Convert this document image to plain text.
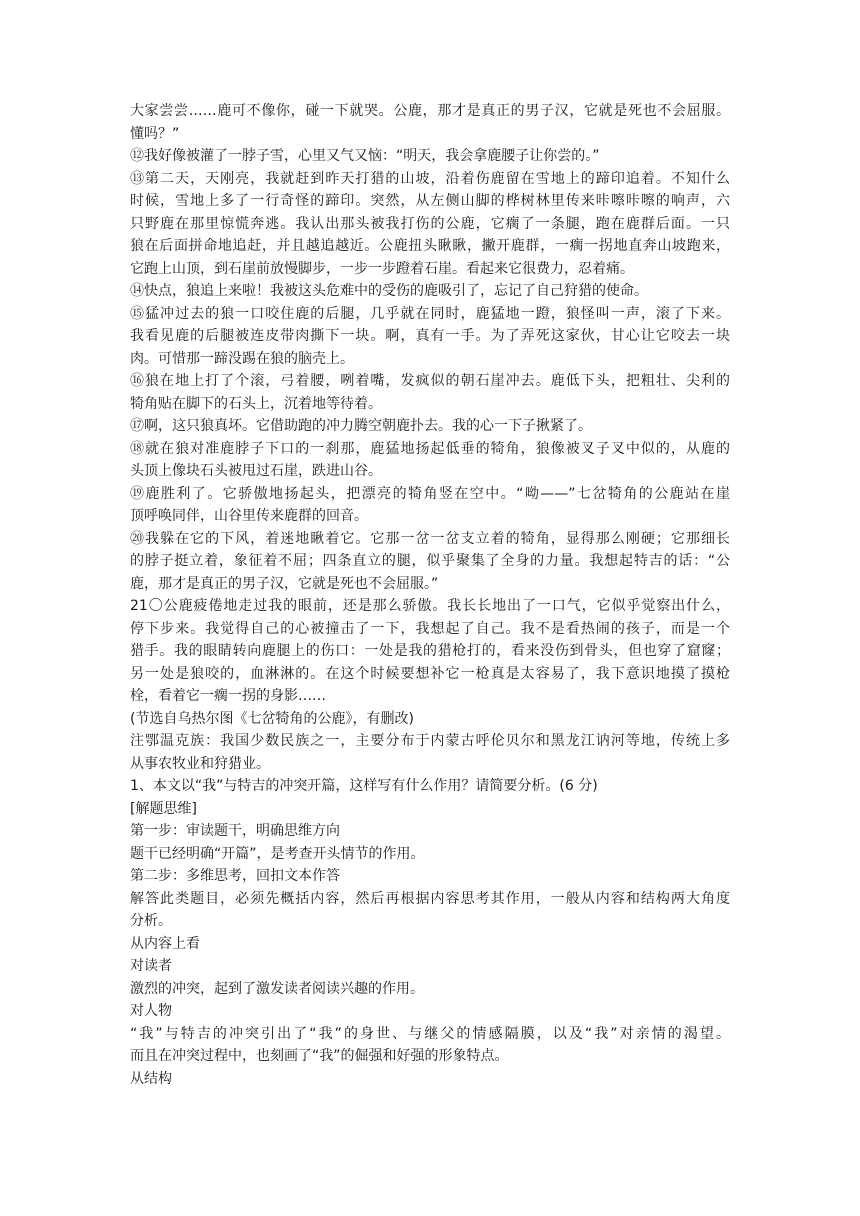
大家尝尝……鹿可不像你，碰一下就哭。公鹿，那才是真正的男子汉，它就是死也不会屈服。
懂吗？”
⑫我好像被灌了一脖子雪，心里又气又恼：“明天，我会拿鹿腰子让你尝的。”
⑬第二天，天刚亮，我就赶到昨天打猎的山坡，沿着伤鹿留在雪地上的蹄印追着。不知什么
时候，雪地上多了一行奇怪的蹄印。突然，从左侧山脚的桦树林里传来咔嚓咔嚓的响声，六
只野鹿在那里惊慌奔逃。我认出那头被我打伤的公鹿，它瘸了一条腿，跑在鹿群后面。一只
狼在后面拼命地追赶，并且越追越近。公鹿扭头瞅瞅，撇开鹿群，一瘸一拐地直奔山坡跑来，
它跑上山顶，到石崖前放慢脚步，一步一步蹬着石崖。看起来它很费力，忍着痛。
⑭快点，狼追上来啦！我被这头危难中的受伤的鹿吸引了，忘记了自己狩猎的使命。
⑮猛冲过去的狼一口咬住鹿的后腿，几乎就在同时，鹿猛地一蹬，狼怪叫一声，滚了下来。
我看见鹿的后腿被连皮带肉撕下一块。啊，真有一手。为了弄死这家伙，甘心让它咬去一块
肉。可惜那一蹄没踢在狼的脑壳上。
⑯狼在地上打了个滚，弓着腰，咧着嘴，发疯似的朝石崖冲去。鹿低下头，把粗壮、尖利的
犄角贴在脚下的石头上，沉着地等待着。
⑰啊，这只狼真坏。它借助跑的冲力腾空朝鹿扑去。我的心一下子揪紧了。
⑱就在狼对准鹿脖子下口的一刹那，鹿猛地扬起低垂的犄角，狼像被叉子叉中似的，从鹿的
头顶上像块石头被甩过石崖，跌进山谷。
⑲鹿胜利了。它骄傲地扬起头，把漂亮的犄角竖在空中。“呦——”七岔犄角的公鹿站在崖
顶呼唤同伴，山谷里传来鹿群的回音。
⑳我躲在它的下风，着迷地瞅着它。它那一岔一岔支立着的犄角，显得那么刚硬；它那细长
的脖子挺立着，象征着不屈；四条直立的腿，似乎聚集了全身的力量。我想起特吉的话：“公
鹿，那才是真正的男子汉，它就是死也不会屈服。”
21〇公鹿疲倦地走过我的眼前，还是那么骄傲。我长长地出了一口气，它似乎觉察出什么，
停下步来。我觉得自己的心被撞击了一下，我想起了自己。我不是看热闹的孩子，而是一个
猎手。我的眼睛转向鹿腿上的伤口：一处是我的猎枪打的，看来没伤到骨头，但也穿了窟窿；
另一处是狼咬的，血淋淋的。在这个时候要想补它一枪真是太容易了，我下意识地摸了摸枪
栓，看着它一瘸一拐的身影……
(节选自乌热尔图《七岔犄角的公鹿》，有删改)
注鄂温克族：我国少数民族之一，主要分布于内蒙古呼伦贝尔和黑龙江讷河等地，传统上多
从事农牧业和狩猎业。
1、本文以“我”与特吉的冲突开篇，这样写有什么作用？请简要分析。(6 分)
[解题思维]
第一步：审读题干，明确思维方向
题干已经明确“开篇”，是考查开头情节的作用。
第二步：多维思考，回扣文本作答
解答此类题目，必须先概括内容，然后再根据内容思考其作用，一般从内容和结构两大角度
分析。
从内容上看
对读者
激烈的冲突，起到了激发读者阅读兴趣的作用。
对人物
“我”与特吉的冲突引出了“我”的身世、与继父的情感隔膜，以及“我”对亲情的渴望。
而且在冲突过程中，也刻画了“我”的倔强和好强的形象特点。
从结构
